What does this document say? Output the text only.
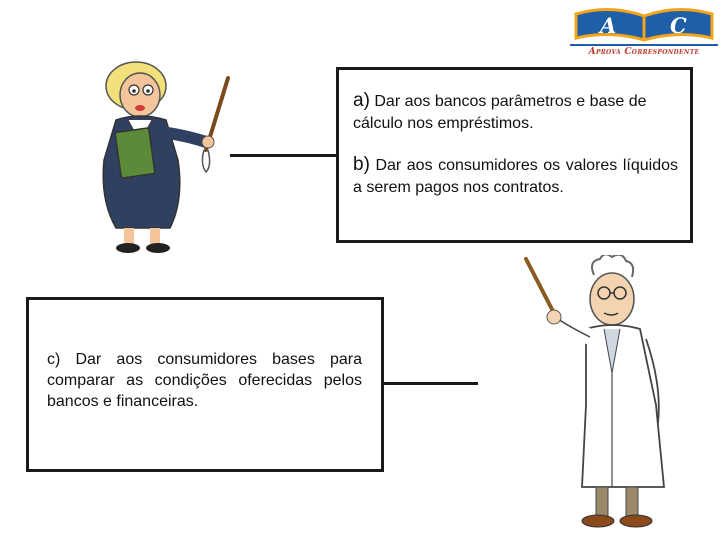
A	C
Aprova Correspondente
a) Dar aos bancos parâmetros e base de cálculo nos empréstimos.
b) Dar aos consumidores os valores líquidos a serem pagos nos contratos.
c) Dar aos consumidores bases para comparar as condições oferecidas pelos bancos e financeiras.
